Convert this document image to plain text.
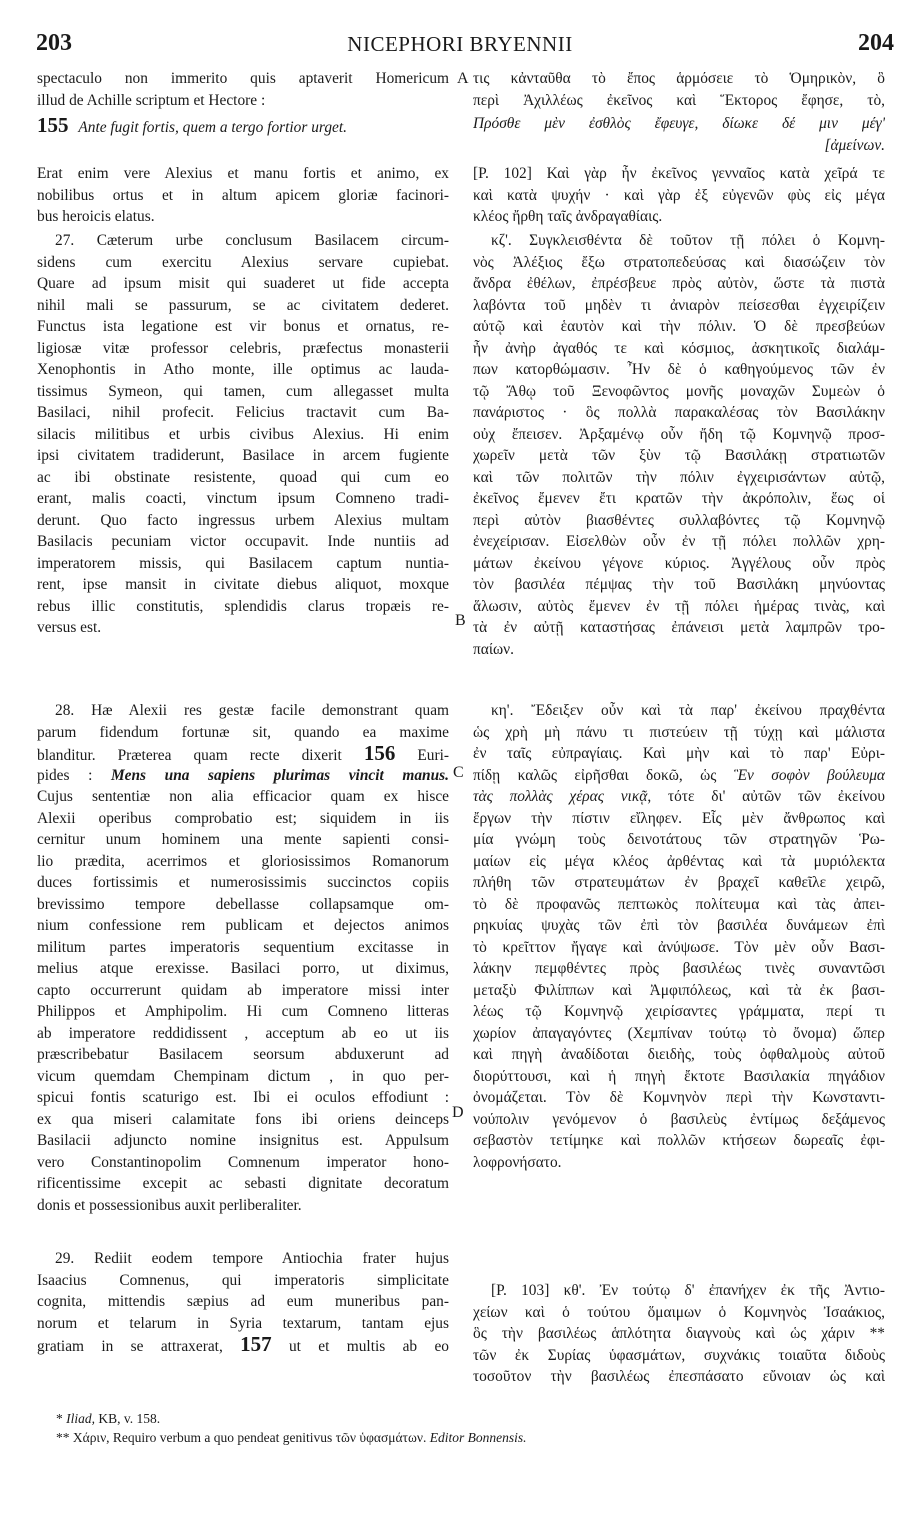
203	NICEPHORI BRYENNII	204
A
B
C
D
spectaculo non immerito quis aptaverit Homericum
illud de Achille scriptum et Hectore :
155 Ante fugit fortis, quem a tergo fortior urget.
Erat enim vere Alexius et manu fortis et animo, ex
nobilibus ortus et in altum apicem gloriæ facinori-
bus heroicis elatus.
27. Cæterum urbe conclusum Basilacem circum-
sidens cum exercitu Alexius servare cupiebat.
Quare ad ipsum misit qui suaderet ut fide accepta
nihil mali se passurum, se ac civitatem dederet.
Functus ista legatione est vir bonus et ornatus, re-
ligiosæ vitæ professor celebris, præfectus monasterii
Xenophontis in Atho monte, ille optimus ac lauda-
tissimus Symeon, qui tamen, cum allegasset multa
Basilaci, nihil profecit. Felicius tractavit cum Ba-
silacis militibus et urbis civibus Alexius. Hi enim
ipsi civitatem tradiderunt, Basilace in arcem fugiente
ac ibi obstinate resistente, quoad qui cum eo
erant, malis coacti, vinctum ipsum Comneno tradi-
derunt. Quo facto ingressus urbem Alexius multam
Basilacis pecuniam victor occupavit. Inde nuntiis ad
imperatorem missis, qui Basilacem captum nuntia-
rent, ipse mansit in civitate diebus aliquot, moxque
rebus illic constitutis, splendidis clarus tropæis re-
versus est.
28. Hæ Alexii res gestæ facile demonstrant quam
parum fidendum fortunæ sit, quando ea maxime
blanditur. Præterea quam recte dixerit 156 Euri-
pides : Mens una sapiens plurimas vincit manus.
Cujus sententiæ non alia efficacior quam ex hisce
Alexii operibus comprobatio est; siquidem in iis
cernitur unum hominem una mente sapienti consi-
lio prædita, acerrimos et gloriosissimos Romanorum
duces fortissimis et numerosissimis succinctos copiis
brevissimo tempore debellasse collapsamque om-
nium confessione rem publicam et dejectos animos
militum partes imperatoris sequentium excitasse in
melius atque erexisse. Basilaci porro, ut diximus,
capto occurrerunt quidam ab imperatore missi inter
Philippos et Amphipolim. Hi cum Comneno litteras
ab imperatore reddidissent , acceptum ab eo ut iis
præscribebatur Basilacem seorsum abduxerunt ad
vicum quemdam Chempinam dictum , in quo per-
spicui fontis scaturigo est. Ibi ei oculos effodiunt :
ex qua miseri calamitate fons ibi oriens deinceps
Basilacii adjuncto nomine insignitus est. Appulsum
vero Constantinopolim Comnenum imperator hono-
rificentissime excepit ac sebasti dignitate decoratum
donis et possessionibus auxit perliberaliter.
29. Rediit eodem tempore Antiochia frater hujus
Isaacius Comnenus, qui imperatoris simplicitate
cognita, mittendis sæpius ad eum muneribus pan-
norum et telarum in Syria textarum, tantam ejus
gratiam in se attraxerat, 157 ut et multis ab eo
τις κἀνταῦθα τὸ ἔπος ἁρμόσειε τὸ Ὁμηρικὸν, ὃ
περὶ Ἀχιλλέως ἐκεῖνος καὶ Ἕκτορος ἔφησε, τὸ,
Πρόσθε μὲν ἐσθλὸς ἔφευγε, δίωκε δέ μιν μέγ'
[ἀμείνων.
[P. 102] Καὶ γὰρ ἦν ἐκεῖνος γενναῖος κατὰ χεῖρά τε
καὶ κατὰ ψυχήν · καὶ γὰρ ἐξ εὐγενῶν φὺς εἰς μέγα
κλέος ἤρθη ταῖς ἀνδραγαθίαις.
κζ'. Συγκλεισθέντα δὲ τοῦτον τῇ πόλει ὁ Κομνη-
νὸς Ἀλέξιος ἔξω στρατοπεδεύσας καὶ διασώζειν τὸν
ἄνδρα ἐθέλων, ἐπρέσβευε πρὸς αὐτὸν, ὥστε τὰ πιστὰ
λαβόντα τοῦ μηδὲν τι ἀνιαρὸν πείσεσθαι ἐγχειρίζειν
αὑτῷ καὶ ἑαυτὸν καὶ τὴν πόλιν. Ὁ δὲ πρεσβεύων
ἦν ἀνὴρ ἀγαθός τε καὶ κόσμιος, ἀσκητικοῖς διαλάμ-
πων κατορθώμασιν. Ἦν δὲ ὁ καθηγούμενος τῶν ἐν
τῷ Ἄθῳ τοῦ Ξενοφῶντος μονῆς μοναχῶν Συμεὼν ὁ
πανάριστος · ὃς πολλὰ παρακαλέσας τὸν Βασιλάκην
οὐχ ἔπεισεν. Ἀρξαμένῳ οὖν ἤδη τῷ Κομνηνῷ προσ-
χωρεῖν μετὰ τῶν ξὺν τῷ Βασιλάκῃ στρατιωτῶν
καὶ τῶν πολιτῶν τὴν πόλιν ἐγχειρισάντων αὐτῷ,
ἐκεῖνος ἔμενεν ἔτι κρατῶν τὴν ἀκρόπολιν, ἕως οἱ
περὶ αὐτὸν βιασθέντες συλλαβόντες τῷ Κομνηνῷ
ἐνεχείρισαν. Εἰσελθὼν οὖν ἐν τῇ πόλει πολλῶν χρη-
μάτων ἐκείνου γέγονε κύριος. Ἀγγέλους οὖν πρὸς
τὸν βασιλέα πέμψας τὴν τοῦ Βασιλάκη μηνύοντας
ἅλωσιν, αὐτὸς ἔμενεν ἐν τῇ πόλει ἡμέρας τινὰς, καὶ
τὰ ἐν αὐτῇ καταστήσας ἐπάνεισι μετὰ λαμπρῶν τρο-
παίων.
κη'. Ἔδειξεν οὖν καὶ τὰ παρ' ἐκείνου πραχθέντα
ὡς χρὴ μὴ πάνυ τι πιστεύειν τῇ τύχῃ καὶ μάλιστα
ἐν ταῖς εὐπραγίαις. Καὶ μὴν καὶ τὸ παρ' Εὐρι-
πίδῃ καλῶς εἰρῆσθαι δοκῶ, ὡς Ἓν σοφὸν βούλευμα
τὰς πολλὰς χέρας νικᾷ, τότε δι' αὐτῶν τῶν ἐκείνου
ἔργων τὴν πίστιν εἴληφεν. Εἷς μὲν ἄνθρωπος καὶ
μία γνώμη τοὺς δεινοτάτους τῶν στρατηγῶν Ῥω-
μαίων εἰς μέγα κλέος ἀρθέντας καὶ τὰ μυριόλεκτα
πλήθη τῶν στρατευμάτων ἐν βραχεῖ καθεῖλε χειρῶ,
τὸ δὲ προφανῶς πεπτωκὸς πολίτευμα καὶ τὰς ἀπει-
ρηκυίας ψυχὰς τῶν ἐπὶ τὸν βασιλέα δυνάμεων ἐπὶ
τὸ κρεῖττον ἤγαγε καὶ ἀνύψωσε. Τὸν μὲν οὖν Βασι-
λάκην πεμφθέντες πρὸς βασιλέως τινὲς συναντῶσι
μεταξὺ Φιλίππων καὶ Ἀμφιπόλεως, καὶ τὰ ἐκ βασι-
λέως τῷ Κομνηνῷ χειρίσαντες γράμματα, περί τι
χωρίον ἀπαγαγόντες (Χεμπίναν τούτῳ τὸ ὄνομα) ὥπερ
καὶ πηγὴ ἀναδίδοται διειδὴς, τοὺς ὀφθαλμοὺς αὐτοῦ
διορύττουσι, καὶ ἡ πηγὴ ἔκτοτε Βασιλακία πηγάδιον
ὀνομάζεται. Τὸν δὲ Κομνηνὸν περὶ τὴν Κωνσταντι-
νούπολιν γενόμενον ὁ βασιλεὺς ἐντίμως δεξάμενος
σεβαστὸν τετίμηκε καὶ πολλῶν κτήσεων δωρεαῖς ἐφι-
λοφρονήσατο.
[P. 103] κθ'. Ἐν τούτῳ δ' ἐπανήχεν ἐκ τῆς Ἀντιο-
χείων καὶ ὁ τούτου ὅμαιμων ὁ Κομνηνὸς Ἰσαάκιος,
ὃς τὴν βασιλέως ἁπλότητα διαγνοὺς καὶ ὡς χάριν **
τῶν ἐκ Συρίας ὑφασμάτων, συχνάκις τοιαῦτα διδοὺς
τοσοῦτον τὴν βασιλέως ἐπεσπάσατο εὔνοιαν ὡς καὶ
* Iliad, ΚΒ, v. 158.
** Χάριν, Requiro verbum a quo pendeat genitivus τῶν ὑφασμάτων. Editor Bonnensis.
